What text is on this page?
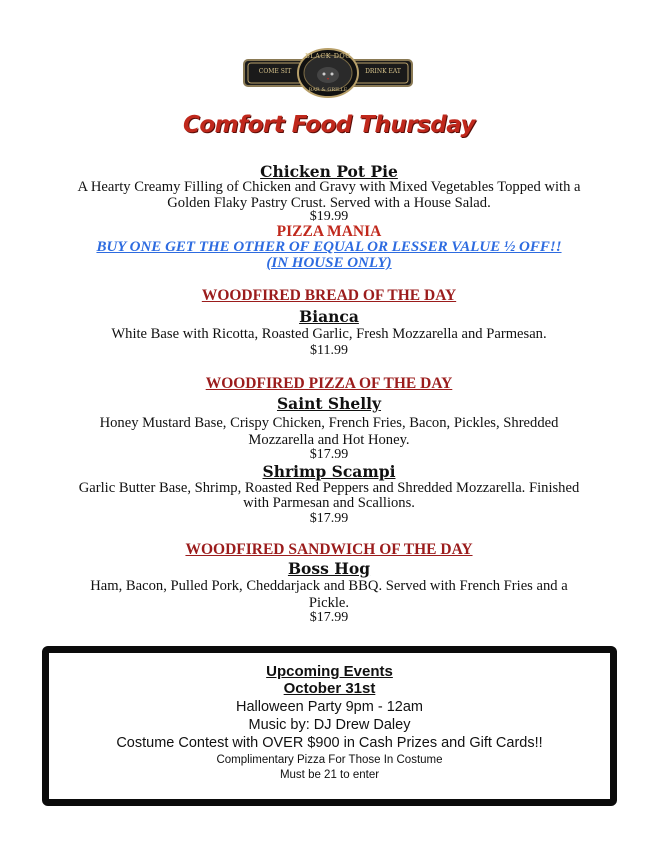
BLACK DOG
BAR & GRILLE
COME SIT	DRINK EAT
Comfort Food Thursday
Chicken Pot Pie
A Hearty Creamy Filling of Chicken and Gravy with Mixed Vegetables Topped with a
Golden Flaky Pastry Crust. Served with a House Salad.
$19.99
PIZZA MANIA
BUY ONE GET THE OTHER OF EQUAL OR LESSER VALUE ½ OFF!!
(IN HOUSE ONLY)
WOODFIRED BREAD OF THE DAY
Bianca
White Base with Ricotta, Roasted Garlic, Fresh Mozzarella and Parmesan.
$11.99
WOODFIRED PIZZA OF THE DAY
Saint Shelly
Honey Mustard Base, Crispy Chicken, French Fries, Bacon, Pickles, Shredded
Mozzarella and Hot Honey.
$17.99
Shrimp Scampi
Garlic Butter Base, Shrimp, Roasted Red Peppers and Shredded Mozzarella. Finished
with Parmesan and Scallions.
$17.99
WOODFIRED SANDWICH OF THE DAY
Boss Hog
Ham, Bacon, Pulled Pork, Cheddarjack and BBQ. Served with French Fries and a
Pickle.
$17.99
Upcoming Events
October 31st
Halloween Party 9pm - 12am
Music by: DJ Drew Daley
Costume Contest with OVER $900 in Cash Prizes and Gift Cards!!
Complimentary Pizza For Those In Costume
Must be 21 to enter
